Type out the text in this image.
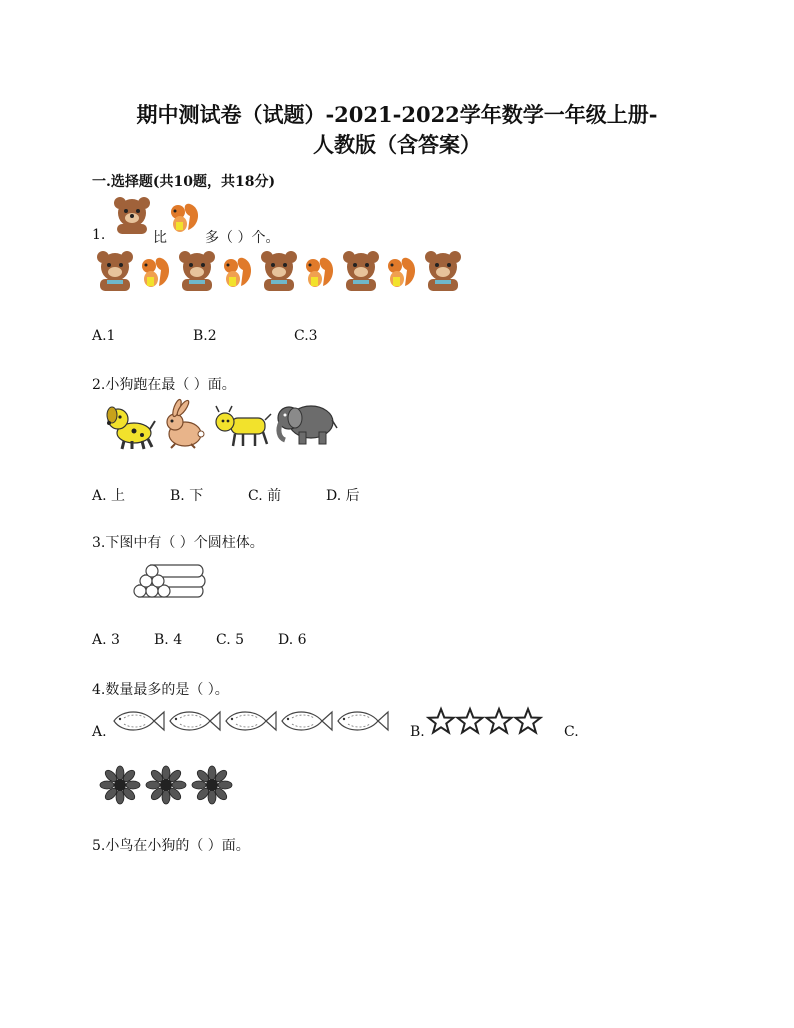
期中测试卷（试题）-2021-2022学年数学一年级上册-
人教版（含答案）
一.选择题(共10题，共18分)
1.	比	多（ ）个。
A.1	B.2	C.3
2.小狗跑在最（ ）面。
A. 上	B. 下	C. 前	D. 后
3.下图中有（ ）个圆柱体。
A. 3 B. 4 C. 5 D. 6
4.数量最多的是（ ）。
A.	B.	C.
5.小鸟在小狗的（ ）面。
